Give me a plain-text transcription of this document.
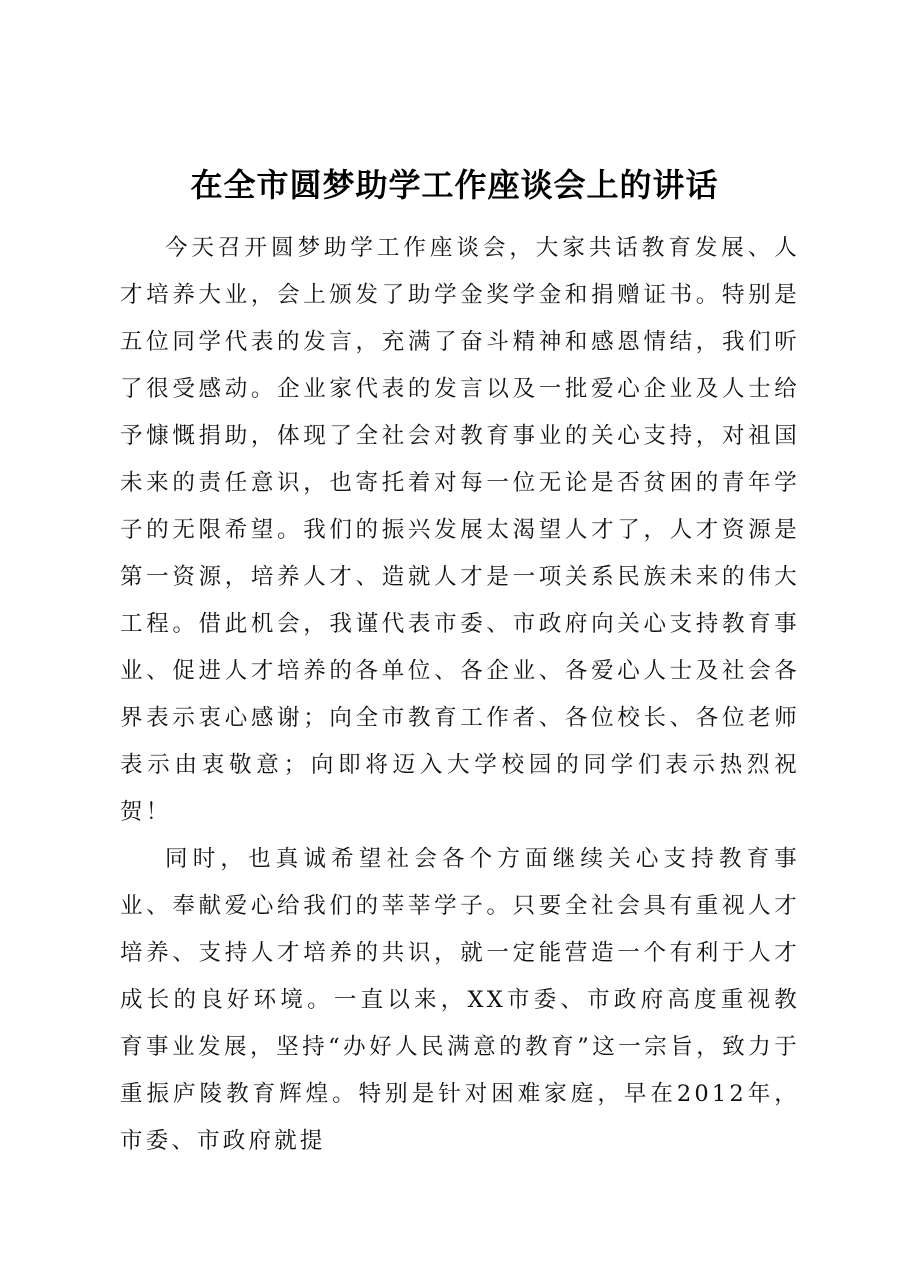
在全市圆梦助学工作座谈会上的讲话

今天召开圆梦助学工作座谈会，大家共话教育发展、人才培养大业，会上颁发了助学金奖学金和捐赠证书。特别是五位同学代表的发言，充满了奋斗精神和感恩情结，我们听了很受感动。企业家代表的发言以及一批爱心企业及人士给予慷慨捐助，体现了全社会对教育事业的关心支持，对祖国未来的责任意识，也寄托着对每一位无论是否贫困的青年学子的无限希望。我们的振兴发展太渴望人才了，人才资源是第一资源，培养人才、造就人才是一项关系民族未来的伟大工程。借此机会，我谨代表市委、市政府向关心支持教育事业、促进人才培养的各单位、各企业、各爱心人士及社会各界表示衷心感谢；向全市教育工作者、各位校长、各位老师表示由衷敬意；向即将迈入大学校园的同学们表示热烈祝贺！

同时，也真诚希望社会各个方面继续关心支持教育事业、奉献爱心给我们的莘莘学子。只要全社会具有重视人才培养、支持人才培养的共识，就一定能营造一个有利于人才成长的良好环境。一直以来，XX市委、市政府高度重视教育事业发展，坚持“办好人民满意的教育”这一宗旨，致力于重振庐陵教育辉煌。特别是针对困难家庭，早在2012年，市委、市政府就提
